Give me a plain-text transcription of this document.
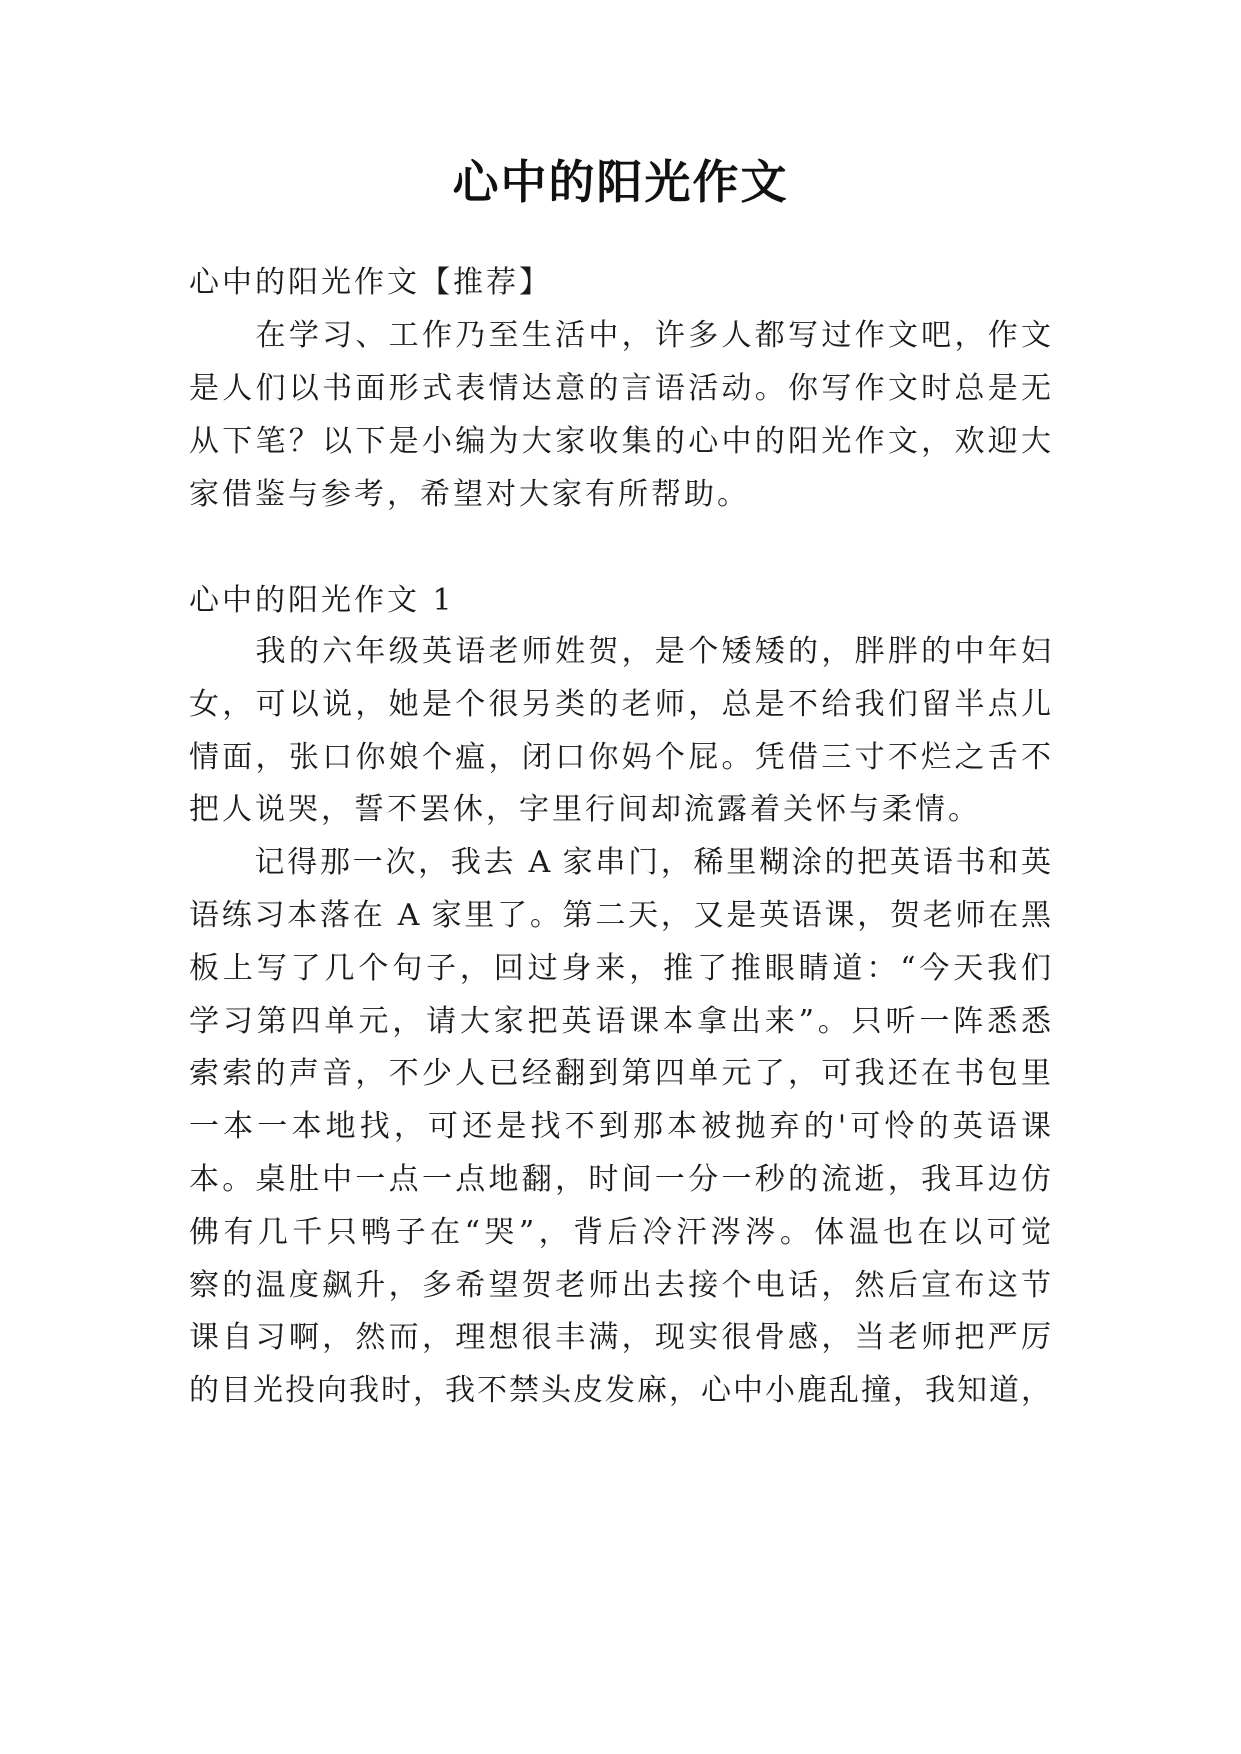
心中的阳光作文
心中的阳光作文【推荐】
　　在学习、工作乃至生活中，许多人都写过作文吧，作文
是人们以书面形式表情达意的言语活动。你写作文时总是无
从下笔？以下是小编为大家收集的心中的阳光作文，欢迎大
家借鉴与参考，希望对大家有所帮助。
心中的阳光作文 1
　　我的六年级英语老师姓贺，是个矮矮的，胖胖的中年妇
女，可以说，她是个很另类的老师，总是不给我们留半点儿
情面，张口你娘个瘟，闭口你妈个屁。凭借三寸不烂之舌不
把人说哭，誓不罢休，字里行间却流露着关怀与柔情。
　　记得那一次，我去 A 家串门，稀里糊涂的把英语书和英
语练习本落在 A 家里了。第二天，又是英语课，贺老师在黑
板上写了几个句子，回过身来，推了推眼睛道：“今天我们
学习第四单元，请大家把英语课本拿出来”。只听一阵悉悉
索索的声音，不少人已经翻到第四单元了，可我还在书包里
一本一本地找，可还是找不到那本被抛弃的'可怜的英语课
本。桌肚中一点一点地翻，时间一分一秒的流逝，我耳边仿
佛有几千只鸭子在“哭”，背后冷汗涔涔。体温也在以可觉
察的温度飙升，多希望贺老师出去接个电话，然后宣布这节
课自习啊，然而，理想很丰满，现实很骨感，当老师把严厉
的目光投向我时，我不禁头皮发麻，心中小鹿乱撞，我知道，
